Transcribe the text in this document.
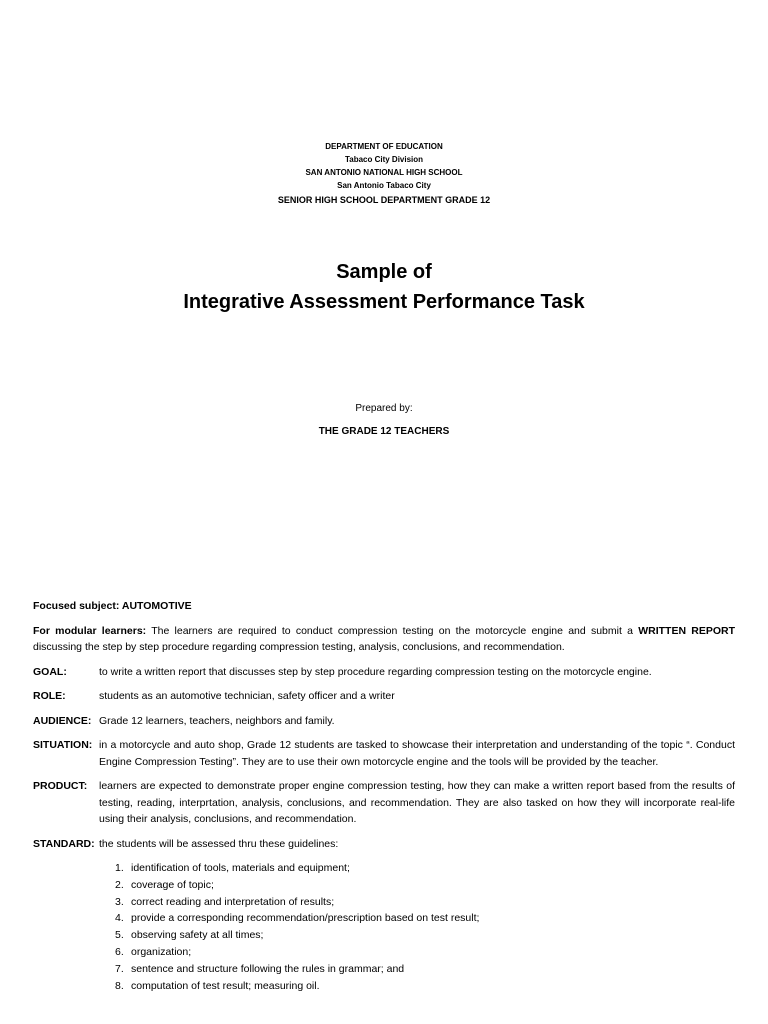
DEPARTMENT OF EDUCATION
Tabaco City Division
SAN ANTONIO NATIONAL HIGH SCHOOL
San Antonio Tabaco City
SENIOR HIGH SCHOOL DEPARTMENT GRADE 12
Sample of
Integrative Assessment Performance Task
Prepared by:
THE GRADE 12 TEACHERS
Focused subject: AUTOMOTIVE
For modular learners: The learners are required to conduct compression testing on the motorcycle engine and submit a WRITTEN REPORT discussing the step by step procedure regarding compression testing, analysis, conclusions, and recommendation.
GOAL:	to write a written report that discusses step by step procedure regarding compression testing on the motorcycle engine.
ROLE:	students as an automotive technician, safety officer and a writer
AUDIENCE: Grade 12 learners, teachers, neighbors and family.
SITUATION: in a motorcycle and auto shop, Grade 12 students are tasked to showcase their interpretation and understanding of the topic “. Conduct Engine Compression Testing”. They are to use their own motorcycle engine and the tools will be provided by the teacher.
PRODUCT:	learners are expected to demonstrate proper engine compression testing, how they can make a written report based from the results of testing, reading, interprtation, analysis, conclusions, and recommendation. They are also tasked on how they will incorporate real-life using their analysis, conclusions, and recommendation.
STANDARD: the students will be assessed thru these guidelines:
1. identification of tools, materials and equipment;
2. coverage of topic;
3. correct reading and interpretation of results;
4. provide a corresponding recommendation/prescription based on test result;
5. observing safety at all times;
6. organization;
7. sentence and structure following the rules in grammar; and
8. computation of test result; measuring oil.
